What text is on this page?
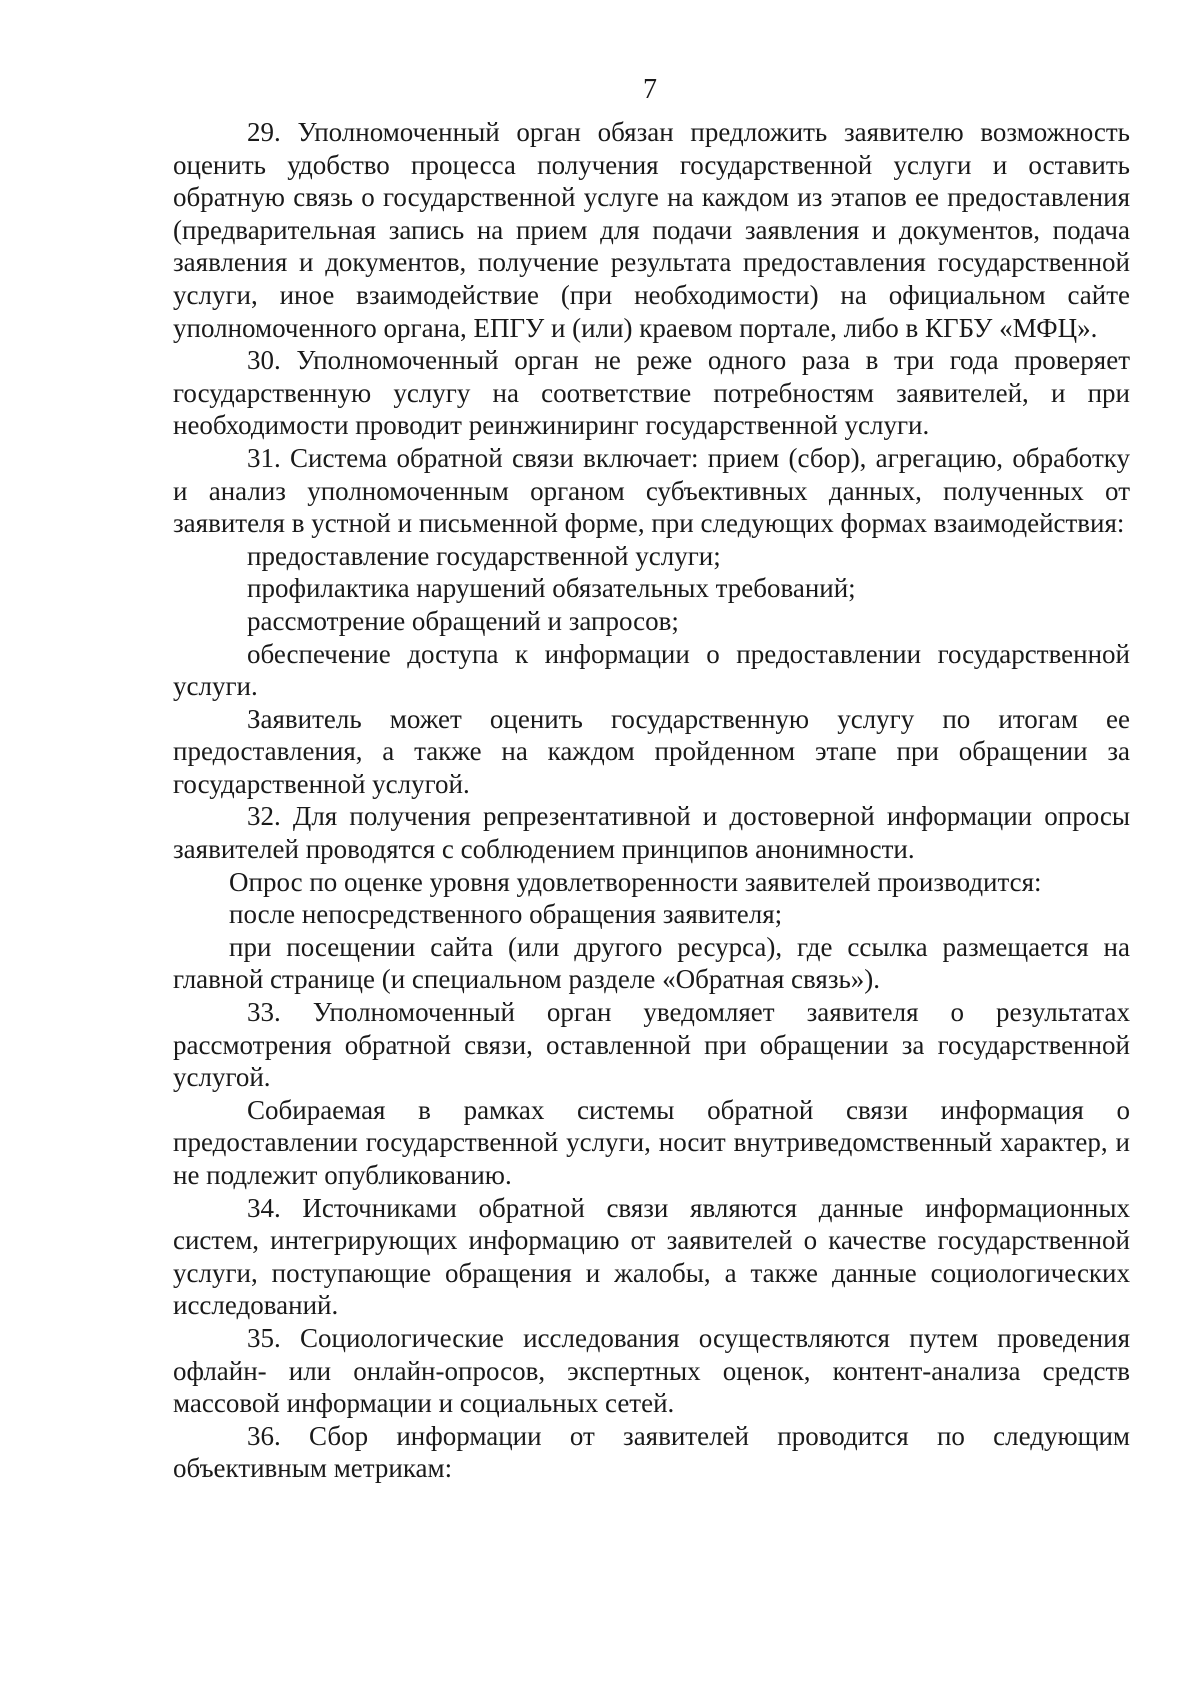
7

29. Уполномоченный орган обязан предложить заявителю возможность оценить удобство процесса получения государственной услуги и оставить обратную связь о государственной услуге на каждом из этапов ее предоставления (предварительная запись на прием для подачи заявления и документов, подача заявления и документов, получение результата предоставления государственной услуги, иное взаимодействие (при необходимости) на официальном сайте уполномоченного органа, ЕПГУ и (или) краевом портале, либо в КГБУ «МФЦ».

30. Уполномоченный орган не реже одного раза в три года проверяет государственную услугу на соответствие потребностям заявителей, и при необходимости проводит реинжиниринг государственной услуги.

31. Система обратной связи включает: прием (сбор), агрегацию, обработку и анализ уполномоченным органом субъективных данных, полученных от заявителя в устной и письменной форме, при следующих формах взаимодействия:

предоставление государственной услуги;

профилактика нарушений обязательных требований;

рассмотрение обращений и запросов;

обеспечение доступа к информации о предоставлении государственной услуги.

Заявитель может оценить государственную услугу по итогам ее предоставления, а также на каждом пройденном этапе при обращении за государственной услугой.

32. Для получения репрезентативной и достоверной информации опросы заявителей проводятся с соблюдением принципов анонимности.

Опрос по оценке уровня удовлетворенности заявителей производится:

после непосредственного обращения заявителя;

при посещении сайта (или другого ресурса), где ссылка размещается на главной странице (и специальном разделе «Обратная связь»).

33. Уполномоченный орган уведомляет заявителя о результатах рассмотрения обратной связи, оставленной при обращении за государственной услугой.

Собираемая в рамках системы обратной связи информация о предоставлении государственной услуги, носит внутриведомственный характер, и не подлежит опубликованию.

34. Источниками обратной связи являются данные информационных систем, интегрирующих информацию от заявителей о качестве государственной услуги, поступающие обращения и жалобы, а также данные социологических исследований.

35. Социологические исследования осуществляются путем проведения офлайн- или онлайн-опросов, экспертных оценок, контент-анализа средств массовой информации и социальных сетей.

36. Сбор информации от заявителей проводится по следующим объективным метрикам:
